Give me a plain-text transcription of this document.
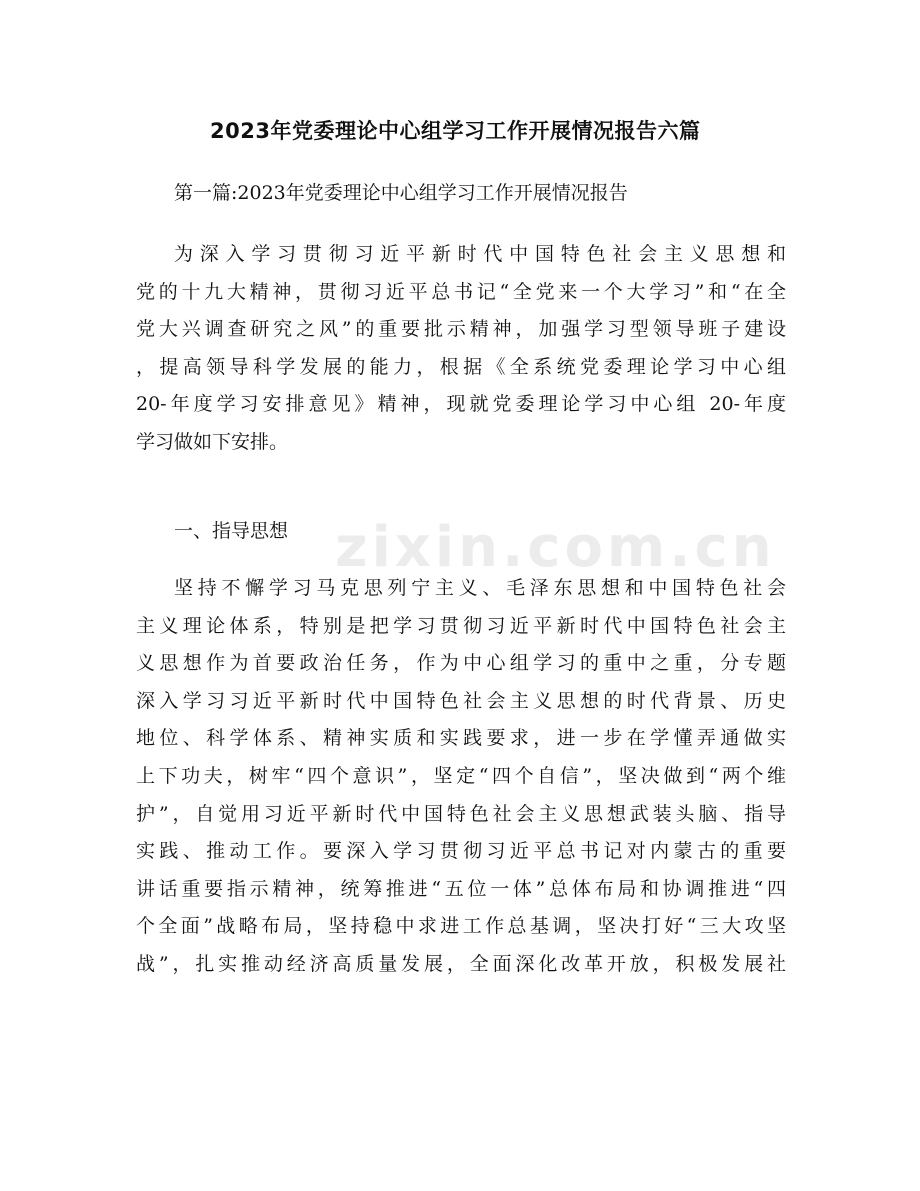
zixin.com.cn
2023年党委理论中心组学习工作开展情况报告六篇
第一篇:2023年党委理论中心组学习工作开展情况报告
为深入学习贯彻习近平新时代中国特色社会主义思想和
党的十九大精神，贯彻习近平总书记“全党来一个大学习”和“在全
党大兴调查研究之风”的重要批示精神，加强学习型领导班子建设
，提高领导科学发展的能力，根据《全系统党委理论学习中心组
20-年度学习安排意见》精神，现就党委理论学习中心组 20-年度
学习做如下安排。
一、指导思想
坚持不懈学习马克思列宁主义、毛泽东思想和中国特色社会
主义理论体系，特别是把学习贯彻习近平新时代中国特色社会主
义思想作为首要政治任务，作为中心组学习的重中之重，分专题
深入学习习近平新时代中国特色社会主义思想的时代背景、历史
地位、科学体系、精神实质和实践要求，进一步在学懂弄通做实
上下功夫，树牢“四个意识”，坚定“四个自信”，坚决做到“两个维
护”，自觉用习近平新时代中国特色社会主义思想武装头脑、指导
实践、推动工作。要深入学习贯彻习近平总书记对内蒙古的重要
讲话重要指示精神，统筹推进“五位一体”总体布局和协调推进“四
个全面”战略布局，坚持稳中求进工作总基调，坚决打好“三大攻坚
战”，扎实推动经济高质量发展，全面深化改革开放，积极发展社
